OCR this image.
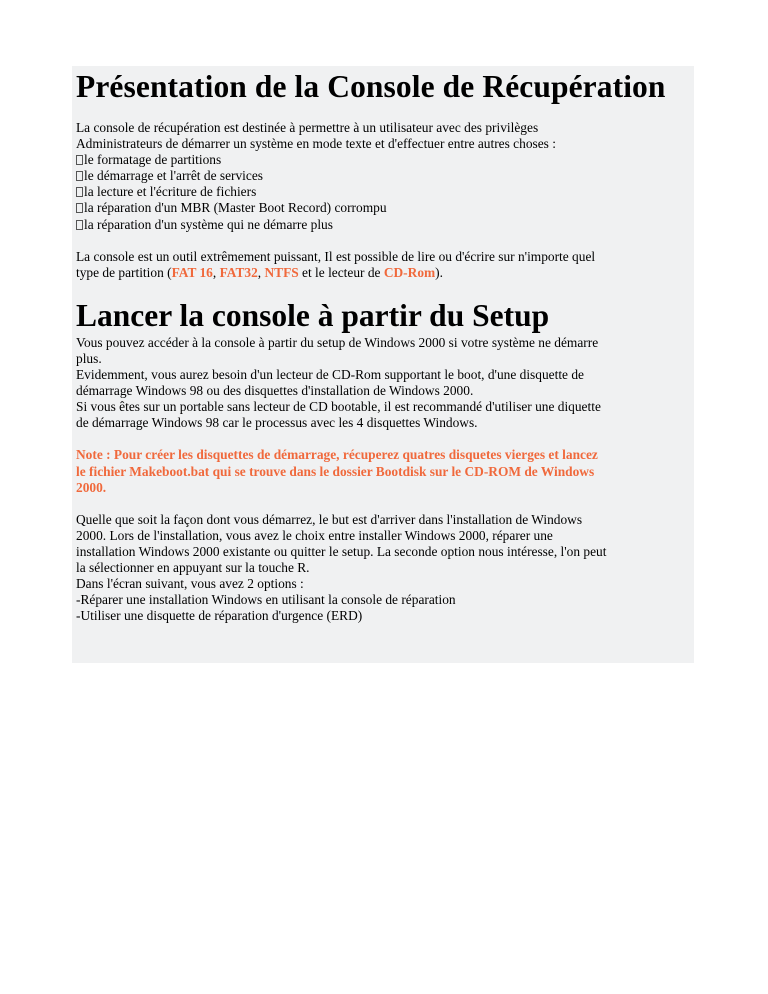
Présentation de la Console de Récupération

La console de récupération est destinée à permettre à un utilisateur avec des privilèges
Administrateurs de démarrer un système en mode texte et d'effectuer entre autres choses :

le formatage de partitions
le démarrage et l'arrêt de services
la lecture et l'écriture de fichiers
la réparation d'un MBR (Master Boot Record) corrompu
la réparation d'un système qui ne démarre plus

La console est un outil extrêmement puissant, Il est possible de lire ou d'écrire sur n'importe quel
type de partition (FAT 16, FAT32, NTFS et le lecteur de CD-Rom).

Lancer la console à partir du Setup

Vous pouvez accéder à la console à partir du setup de Windows 2000 si votre système ne démarre
plus.
Evidemment, vous aurez besoin d'un lecteur de CD-Rom supportant le boot, d'une disquette de
démarrage Windows 98 ou des disquettes d'installation de Windows 2000.
Si vous êtes sur un portable sans lecteur de CD bootable, il est recommandé d'utiliser une diquette
de démarrage Windows 98 car le processus avec les 4 disquettes Windows.

Note : Pour créer les disquettes de démarrage, récuperez quatres disquetes vierges et lancez
le fichier Makeboot.bat qui se trouve dans le dossier Bootdisk sur le CD-ROM de Windows
2000.

Quelle que soit la façon dont vous démarrez, le but est d'arriver dans l'installation de Windows
2000. Lors de l'installation, vous avez le choix entre installer Windows 2000, réparer une
installation Windows 2000 existante ou quitter le setup. La seconde option nous intéresse, l'on peut
la sélectionner en appuyant sur la touche R.
Dans l'écran suivant, vous avez 2 options :
-Réparer une installation Windows en utilisant la console de réparation
-Utiliser une disquette de réparation d'urgence (ERD)
